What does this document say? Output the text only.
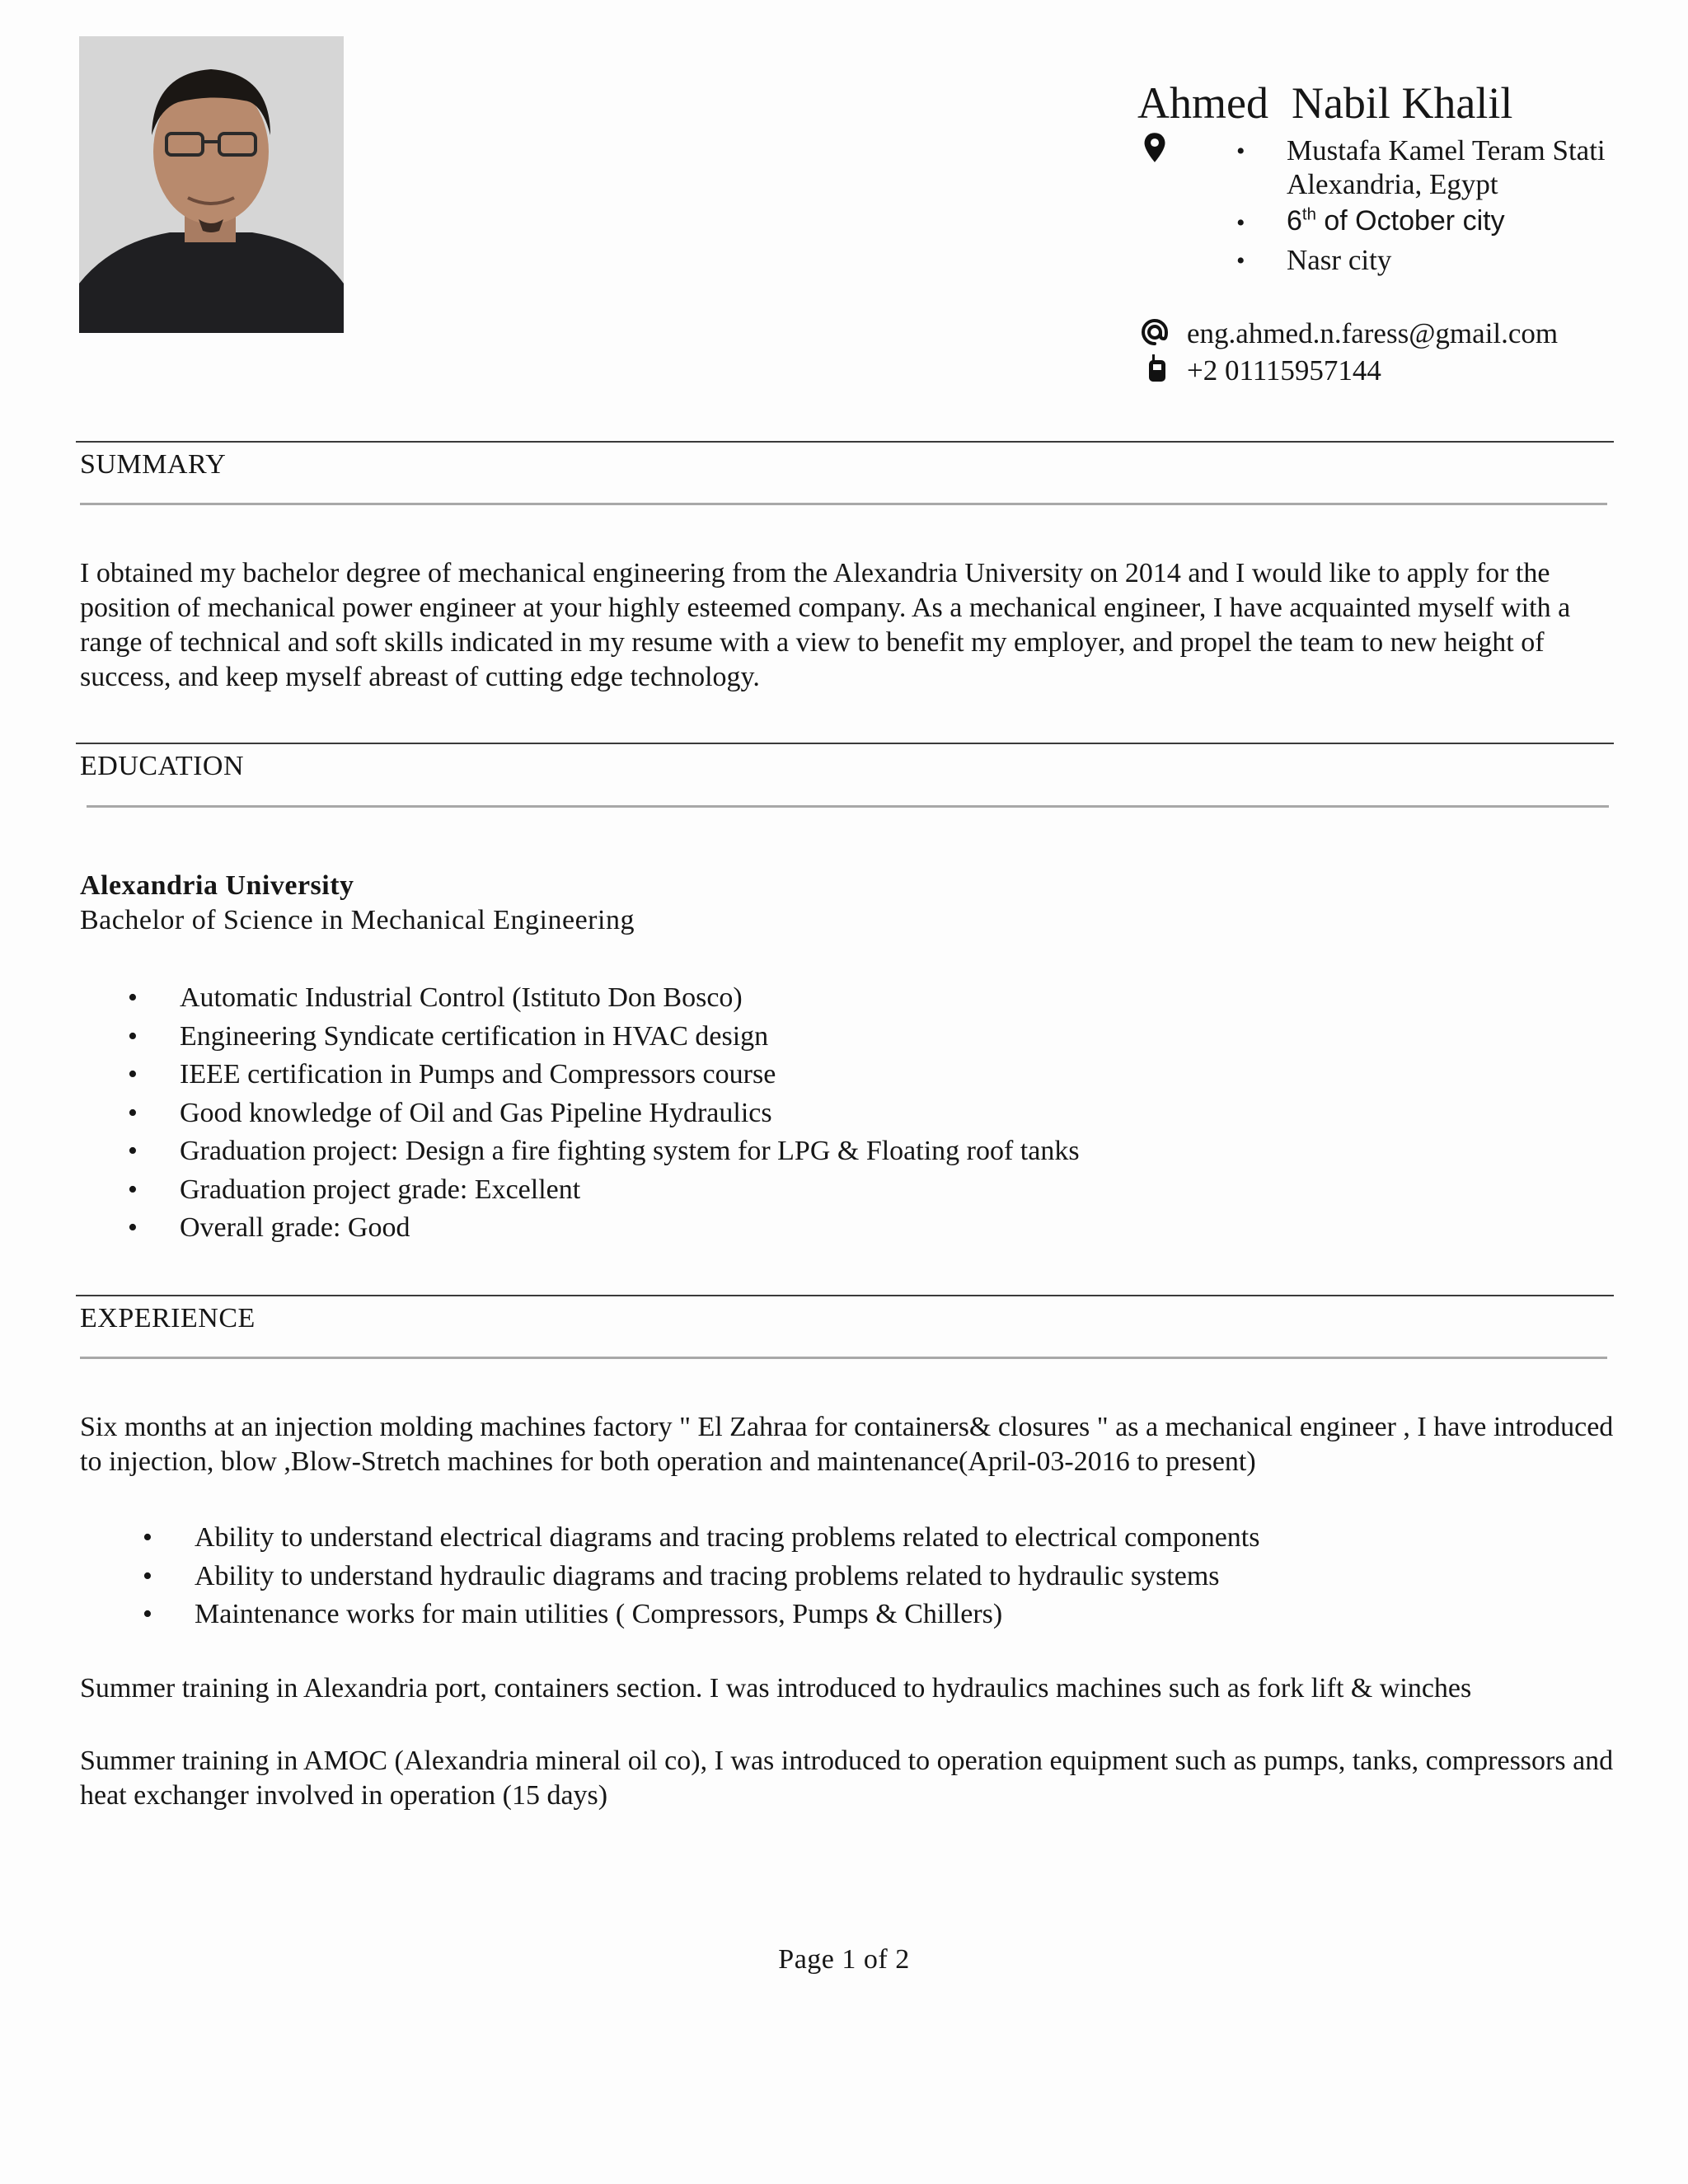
Ahmed Nabil Khalil
• Mustafa Kamel Teram Stati
Alexandria, Egypt
• 6th of October city
• Nasr city
eng.ahmed.n.faress@gmail.com
+2 01115957144
SUMMARY
I obtained my bachelor degree of mechanical engineering from the Alexandria University on 2014 and I would like to apply for the position of mechanical power engineer at your highly esteemed company. As a mechanical engineer, I have acquainted myself with a range of technical and soft skills indicated in my resume with a view to benefit my employer, and propel the team to new height of success, and keep myself abreast of cutting edge technology.
EDUCATION
Alexandria University
Bachelor of Science in Mechanical Engineering
• Automatic Industrial Control (Istituto Don Bosco)
• Engineering Syndicate certification in HVAC design
• IEEE certification in Pumps and Compressors course
• Good knowledge of Oil and Gas Pipeline Hydraulics
• Graduation project: Design a fire fighting system for LPG & Floating roof tanks
• Graduation project grade: Excellent
• Overall grade: Good
EXPERIENCE
Six months at an injection molding machines factory " El Zahraa for containers& closures " as a mechanical engineer , I have introduced to injection, blow ,Blow-Stretch machines for both operation and maintenance(April-03-2016 to present)
• Ability to understand electrical diagrams and tracing problems related to electrical components
• Ability to understand hydraulic diagrams and tracing problems related to hydraulic systems
• Maintenance works for main utilities ( Compressors, Pumps & Chillers)
Summer training in Alexandria port, containers section. I was introduced to hydraulics machines such as fork lift & winches
Summer training in AMOC (Alexandria mineral oil co), I was introduced to operation equipment such as pumps, tanks, compressors and heat exchanger involved in operation (15 days)
Page 1 of 2
